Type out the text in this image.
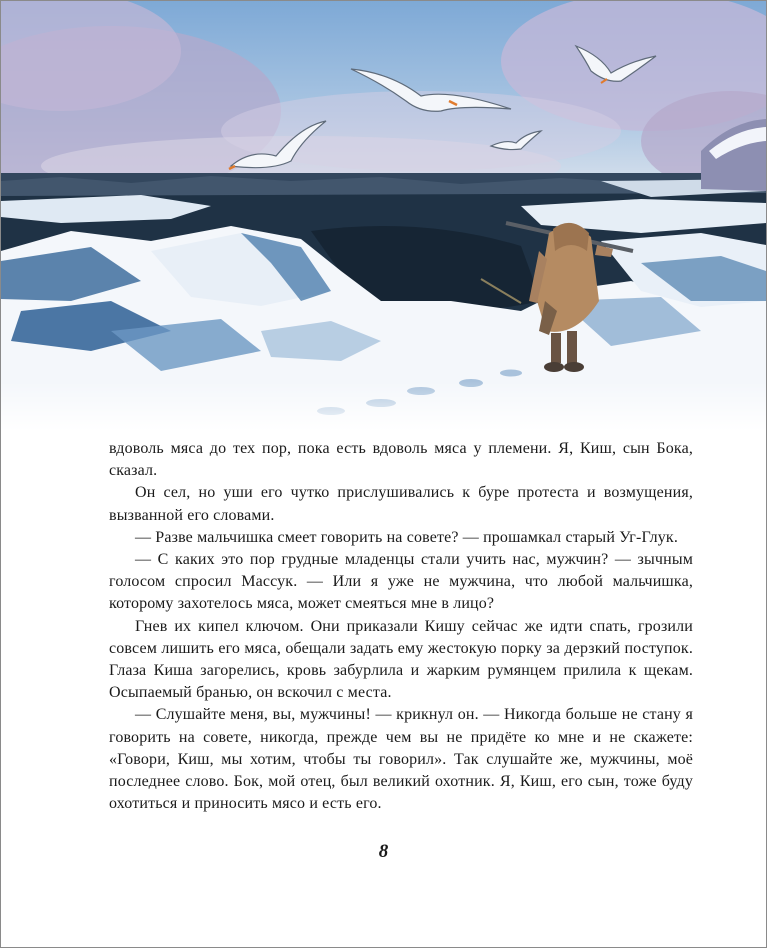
вдоволь мяса до тех пор, пока есть вдоволь мяса у племени. Я, Киш, сын Бока, сказал.

Он сел, но уши его чутко прислушивались к буре протеста и возмущения, вызванной его словами.

— Разве мальчишка смеет говорить на совете? — прошамкал старый Уг-Глук.

— С каких это пор грудные младенцы стали учить нас, мужчин? — зычным голосом спросил Массук. — Или я уже не мужчина, что любой мальчишка, которому захотелось мяса, может смеяться мне в лицо?

Гнев их кипел ключом. Они приказали Кишу сейчас же идти спать, грозили совсем лишить его мяса, обещали задать ему жестокую порку за дерзкий поступок. Глаза Киша загорелись, кровь забурлила и жарким румянцем прилила к щекам. Осыпаемый бранью, он вскочил с места.

— Слушайте меня, вы, мужчины! — крикнул он. — Никогда больше не стану я говорить на совете, никогда, прежде чем вы не придёте ко мне и не скажете: «Говори, Киш, мы хотим, чтобы ты говорил». Так слушайте же, мужчины, моё последнее слово. Бок, мой отец, был великий охотник. Я, Киш, его сын, тоже буду охотиться и приносить мясо и есть его.

8
